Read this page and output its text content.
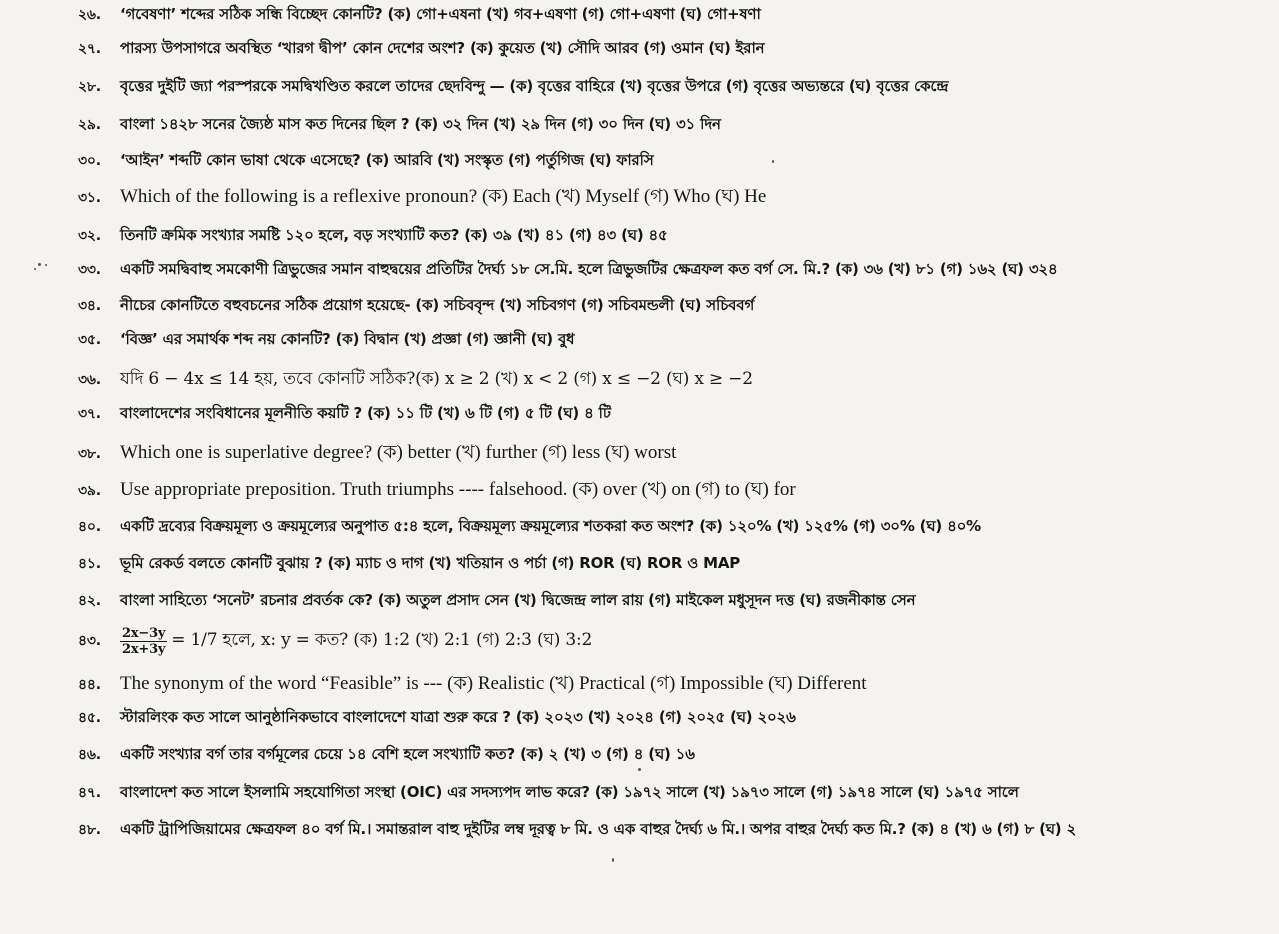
২৬.	‘গবেষণা’ শব্দের সঠিক সন্ধি বিচ্ছেদ কোনটি? (ক) গো+এষনা (খ) গব+এষণা (গ) গো+এষণা (ঘ) গো+ষণা
২৭.	পারস্য উপসাগরে অবস্থিত ‘খারগ দ্বীপ’ কোন দেশের অংশ? (ক) কুয়েত (খ) সৌদি আরব (গ) ওমান (ঘ) ইরান
২৮.	বৃত্তের দুইটি জ্যা পরস্পরকে সমদ্বিখণ্ডিত করলে তাদের ছেদবিন্দু — (ক) বৃত্তের বাহিরে (খ) বৃত্তের উপরে (গ) বৃত্তের অভ্যন্তরে (ঘ) বৃত্তের কেন্দ্রে
২৯.	বাংলা ১৪২৮ সনের জ্যৈষ্ঠ মাস কত দিনের ছিল ? (ক) ৩২ দিন (খ) ২৯ দিন (গ) ৩০ দিন (ঘ) ৩১ দিন
৩০.	‘আইন’ শব্দটি কোন ভাষা থেকে এসেছে? (ক) আরবি (খ) সংস্কৃত (গ) পর্তুগিজ (ঘ) ফারসি
৩১.	Which of the following is a reflexive pronoun? (ক) Each (খ) Myself (গ) Who (ঘ) He
৩২.	তিনটি ক্রমিক সংখ্যার সমষ্টি ১২০ হলে, বড় সংখ্যাটি কত? (ক) ৩৯ (খ) ৪১ (গ) ৪৩ (ঘ) ৪৫
৩৩.	একটি সমদ্বিবাহু সমকোণী ত্রিভুজের সমান বাহুদ্বয়ের প্রতিটির দৈর্ঘ্য ১৮ সে.মি. হলে ত্রিভুজটির ক্ষেত্রফল কত বর্গ সে. মি.? (ক) ৩৬ (খ) ৮১ (গ) ১৬২ (ঘ) ৩২৪
৩৪.	নীচের কোনটিতে বহুবচনের সঠিক প্রয়োগ হয়েছে- (ক) সচিববৃন্দ (খ) সচিবগণ (গ) সচিবমন্ডলী (ঘ) সচিববর্গ
৩৫.	‘বিজ্ঞ’ এর সমার্থক শব্দ নয় কোনটি? (ক) বিদ্বান (খ) প্রজ্ঞা (গ) জ্ঞানী (ঘ) বুধ
৩৬.	যদি 6 − 4x ≤ 14 হয়, তবে কোনটি সঠিক?(ক) x ≥ 2 (খ) x < 2 (গ) x ≤ −2 (ঘ) x ≥ −2
৩৭.	বাংলাদেশের সংবিধানের মূলনীতি কয়টি ? (ক) ১১ টি (খ) ৬ টি (গ) ৫ টি (ঘ) ৪ টি
৩৮.	Which one is superlative degree? (ক) better (খ) further (গ) less (ঘ) worst
৩৯.	Use appropriate preposition. Truth triumphs ---- falsehood. (ক) over (খ) on (গ) to (ঘ) for
৪০.	একটি দ্রব্যের বিক্রয়মূল্য ও ক্রয়মূল্যের অনুপাত ৫:৪ হলে, বিক্রয়মূল্য ক্রয়মূল্যের শতকরা কত অংশ? (ক) ১২০% (খ) ১২৫% (গ) ৩০% (ঘ) ৪০%
৪১.	ভূমি রেকর্ড বলতে কোনটি বুঝায় ? (ক) ম্যাচ ও দাগ (খ) খতিয়ান ও পর্চা (গ) ROR (ঘ) ROR ও MAP
৪২.	বাংলা সাহিত্যে ‘সনেট’ রচনার প্রবর্তক কে? (ক) অতুল প্রসাদ সেন (খ) দ্বিজেন্দ্র লাল রায় (গ) মাইকেল মধুসূদন দত্ত (ঘ) রজনীকান্ত সেন
৪৩.	$\frac{2x-3y}{2x+3y} = 1/7$ হলে, x: y = কত? (ক) 1:2 (খ) 2:1 (গ) 2:3 (ঘ) 3:2
৪৪.	The synonym of the word “Feasible” is --- (ক) Realistic (খ) Practical (গ) Impossible (ঘ) Different
৪৫.	স্টারলিংক কত সালে আনুষ্ঠানিকভাবে বাংলাদেশে যাত্রা শুরু করে ? (ক) ২০২৩ (খ) ২০২৪ (গ) ২০২৫ (ঘ) ২০২৬
৪৬.	একটি সংখ্যার বর্গ তার বর্গমূলের চেয়ে ১৪ বেশি হলে সংখ্যাটি কত? (ক) ২ (খ) ৩ (গ) ৪ (ঘ) ১৬
৪৭.	বাংলাদেশ কত সালে ইসলামি সহযোগিতা সংস্থা (OIC) এর সদস্যপদ লাভ করে? (ক) ১৯৭২ সালে (খ) ১৯৭৩ সালে (গ) ১৯৭৪ সালে (ঘ) ১৯৭৫ সালে
৪৮.	একটি ট্রাপিজিয়ামের ক্ষেত্রফল ৪০ বর্গ মি.। সমান্তরাল বাহু দুইটির লম্ব দূরত্ব ৮ মি. ও এক বাহুর দৈর্ঘ্য ৬ মি.। অপর বাহুর দৈর্ঘ্য কত মি.? (ক) ৪ (খ) ৬ (গ) ৮ (ঘ) ২
